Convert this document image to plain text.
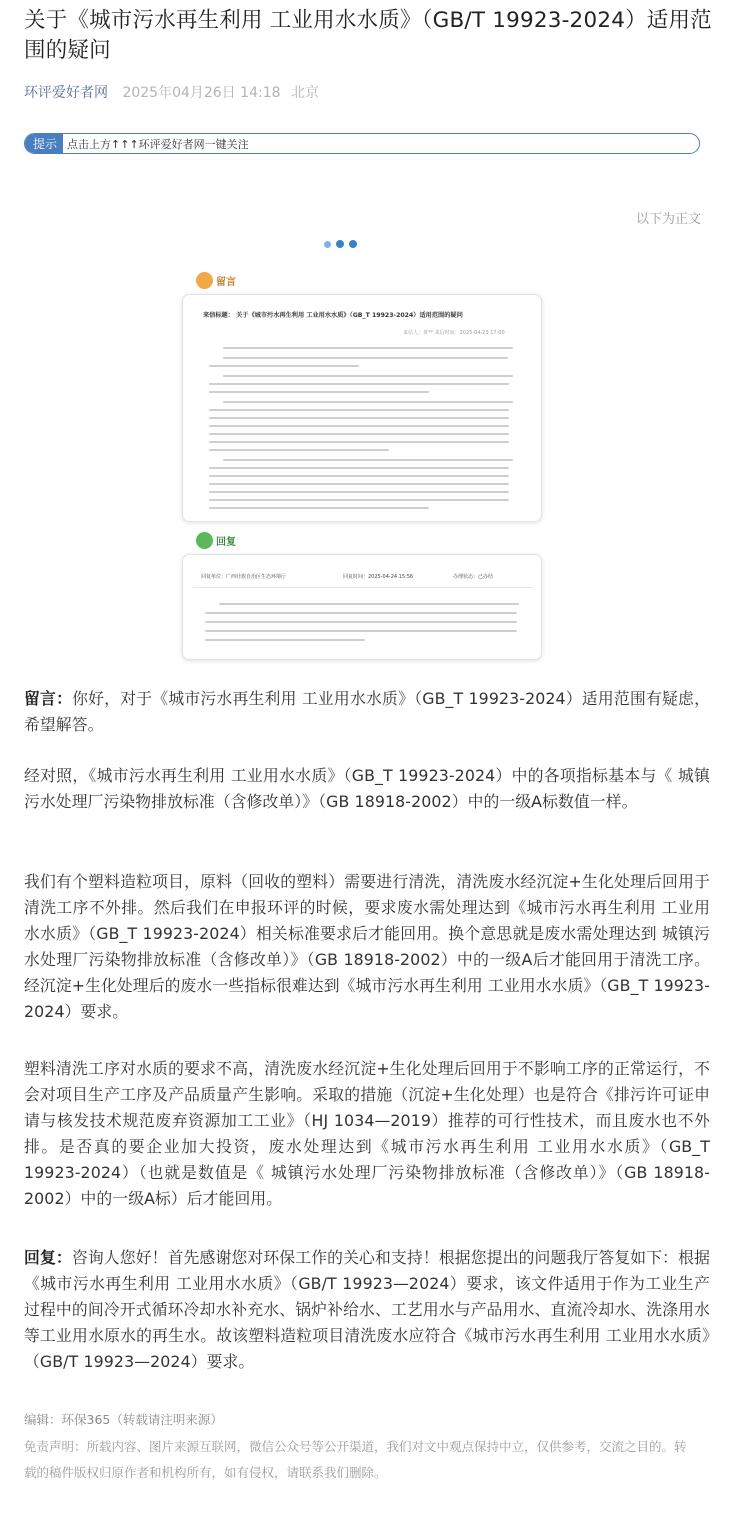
关于《城市污水再生利用 工业用水水质》（GB/T 19923-2024）适用范围的疑问
环评爱好者网 2025年04月26日 14:18 北京
提示 点击上方↑↑↑环评爱好者网一键关注
以下为正文
留言
来信标题： 关于《城市污水再生利用 工业用水水质》（GB_T 19923-2024）适用范围的疑问
来信人：黄** 来信时间：2025-04-23 17:00
回复
回复单位：广西壮族自治区生态环境厅	回复时间：2025-04-24 15:56	办理状态：已办结

留言：你好，对于《城市污水再生利用 工业用水水质》（GB_T 19923-2024）适用范围有疑虑，希望解答。

经对照，《城市污水再生利用 工业用水水质》（GB_T 19923-2024）中的各项指标基本与《 城镇污水处理厂污染物排放标准（含修改单）》（GB 18918-2002）中的一级A标数值一样。

我们有个塑料造粒项目，原料（回收的塑料）需要进行清洗，清洗废水经沉淀+生化处理后回用于清洗工序不外排。然后我们在申报环评的时候，要求废水需处理达到《城市污水再生利用 工业用水水质》（GB_T 19923-2024）相关标准要求后才能回用。换个意思就是废水需处理达到 城镇污水处理厂污染物排放标准（含修改单）》（GB 18918-2002）中的一级A后才能回用于清洗工序。经沉淀+生化处理后的废水一些指标很难达到《城市污水再生利用 工业用水水质》（GB_T 19923-2024）要求。

塑料清洗工序对水质的要求不高，清洗废水经沉淀+生化处理后回用于不影响工序的正常运行，不会对项目生产工序及产品质量产生影响。采取的措施（沉淀+生化处理）也是符合《排污许可证申请与核发技术规范废弃资源加工工业》（HJ 1034—2019）推荐的可行性技术，而且废水也不外排。是否真的要企业加大投资，废水处理达到《城市污水再生利用 工业用水水质》（GB_T 19923-2024）（也就是数值是《 城镇污水处理厂污染物排放标准（含修改单）》（GB 18918-2002）中的一级A标）后才能回用。

回复：咨询人您好！首先感谢您对环保工作的关心和支持！根据您提出的问题我厅答复如下：根据《城市污水再生利用 工业用水水质》（GB/T 19923—2024）要求，该文件适用于作为工业生产过程中的间冷开式循环冷却水补充水、锅炉补给水、工艺用水与产品用水、直流冷却水、洗涤用水等工业用水原水的再生水。故该塑料造粒项目清洗废水应符合《城市污水再生利用 工业用水水质》（GB/T 19923—2024）要求。

编辑：环保365（转载请注明来源）
免责声明：所载内容、图片来源互联网，微信公众号等公开渠道，我们对文中观点保持中立，仅供参考，交流之目的。转载的稿件版权归原作者和机构所有，如有侵权，请联系我们删除。
